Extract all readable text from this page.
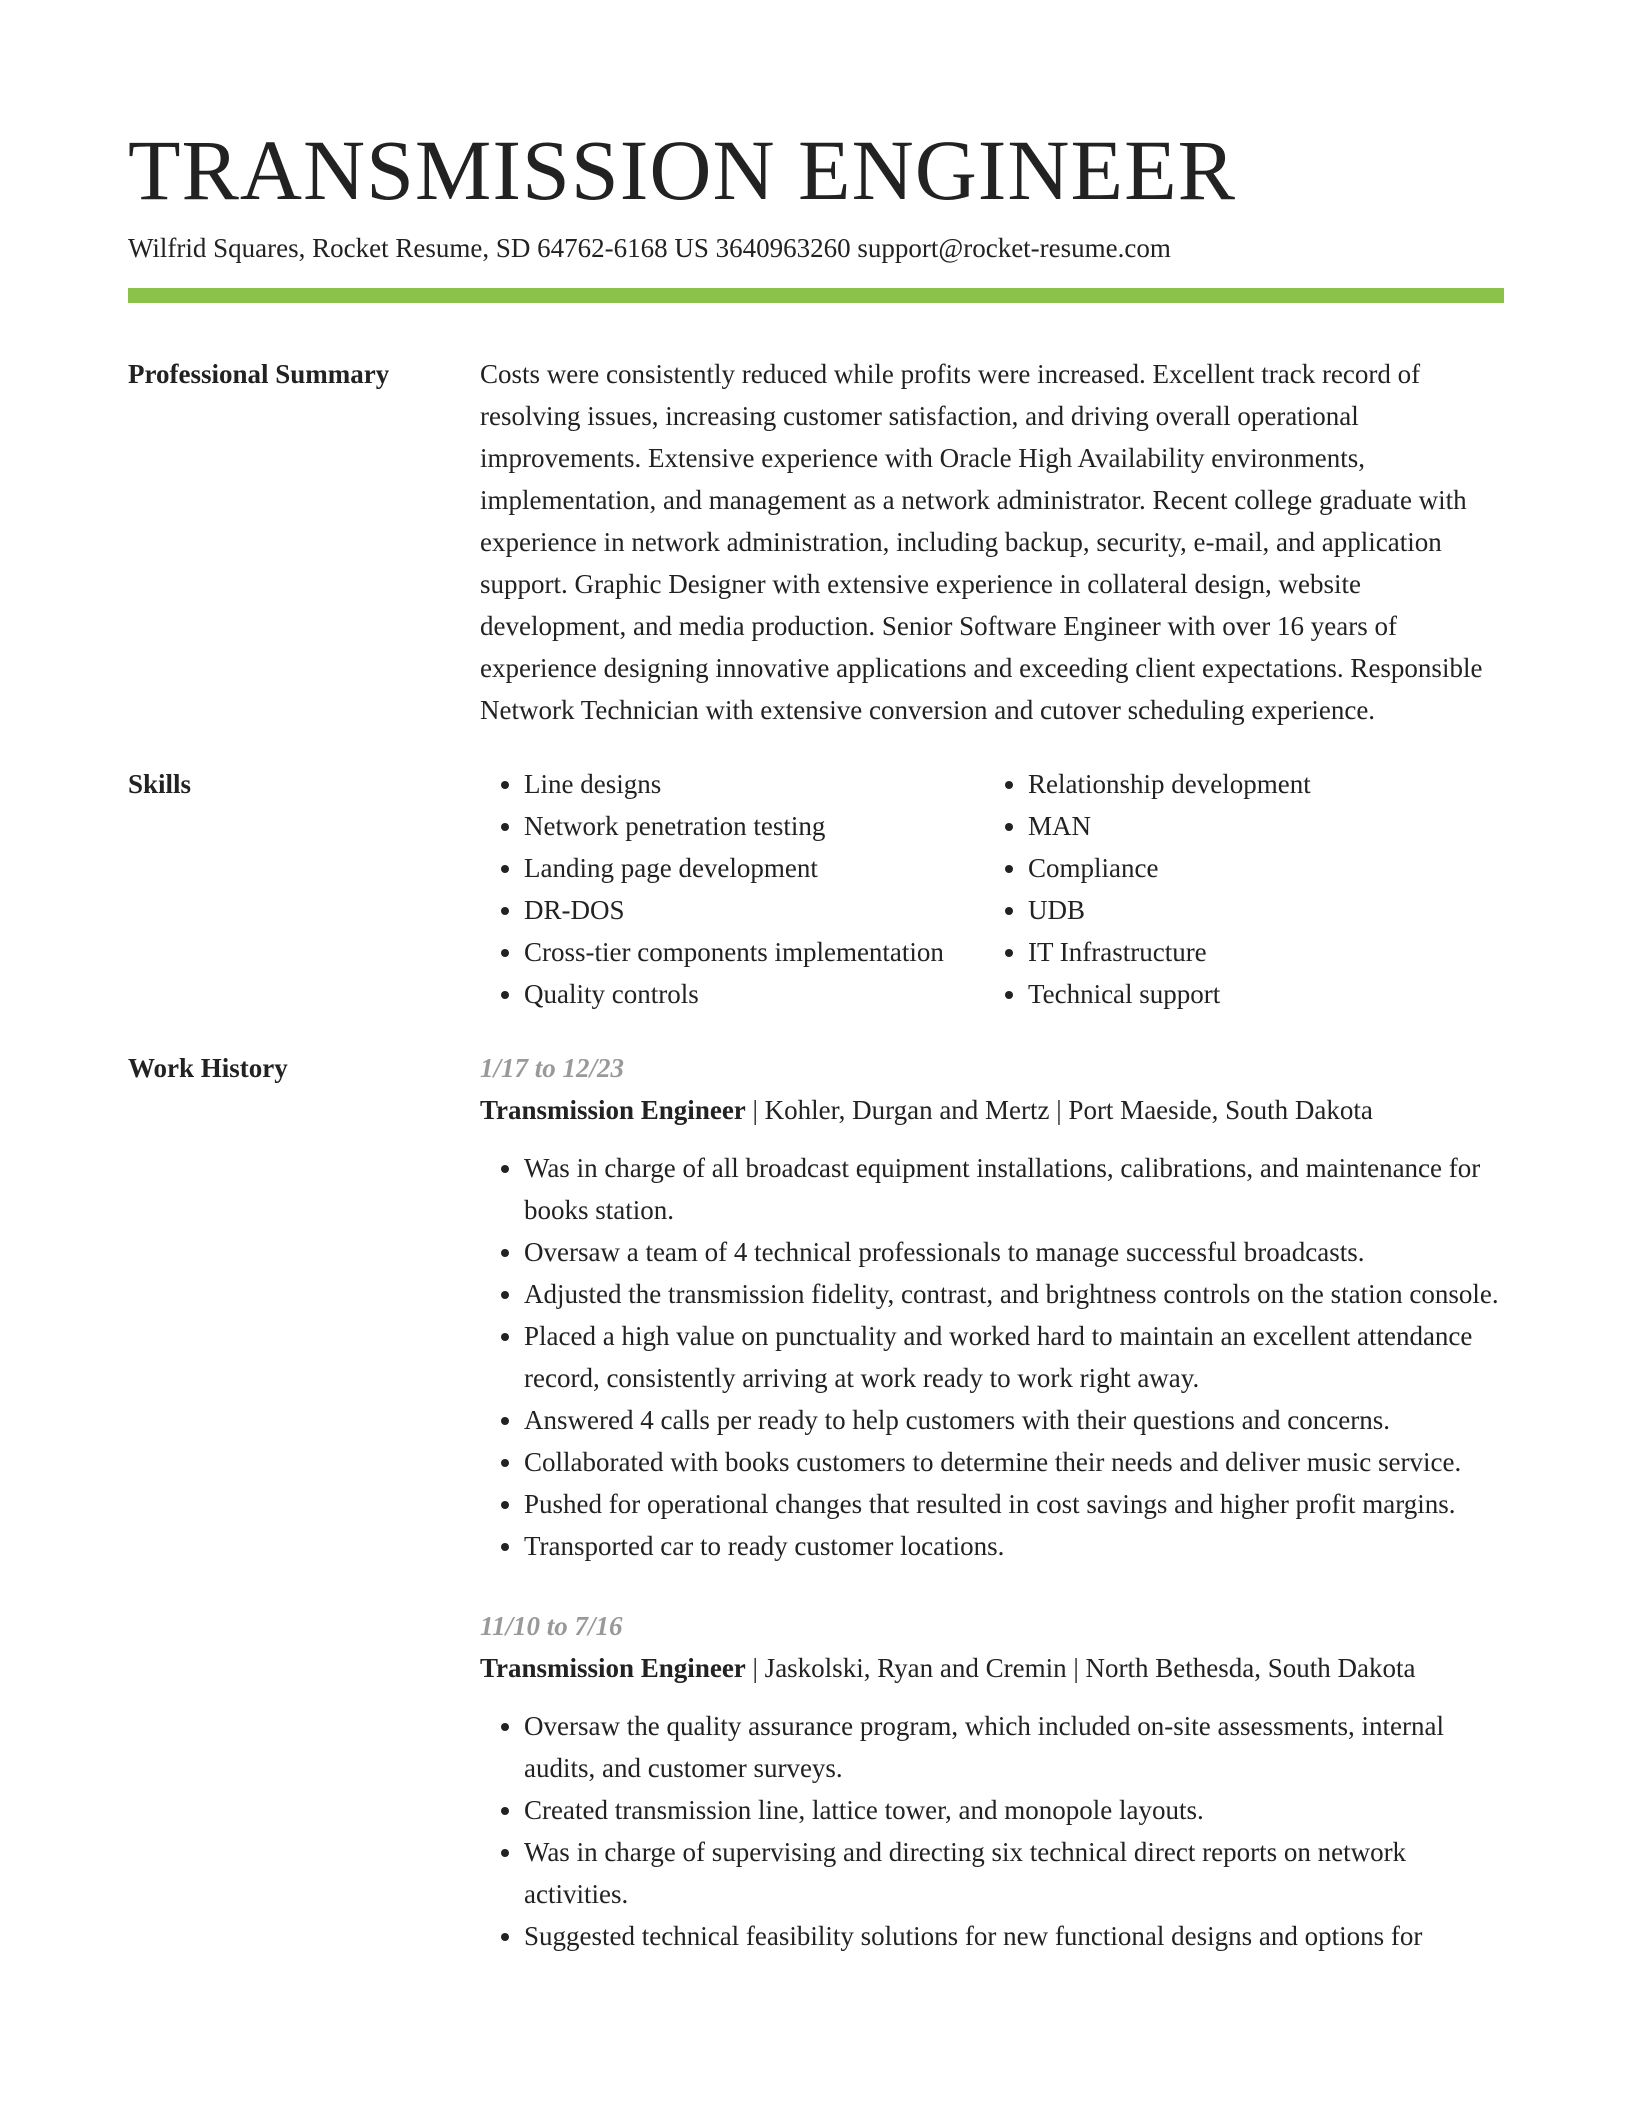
TRANSMISSION ENGINEER
Wilfrid Squares, Rocket Resume, SD 64762-6168 US 3640963260 support@rocket-resume.com
Professional Summary	Costs were consistently reduced while profits were increased. Excellent track record of resolving issues, increasing customer satisfaction, and driving overall operational improvements. Extensive experience with Oracle High Availability environments, implementation, and management as a network administrator. Recent college graduate with experience in network administration, including backup, security, e-mail, and application support. Graphic Designer with extensive experience in collateral design, website development, and media production. Senior Software Engineer with over 16 years of experience designing innovative applications and exceeding client expectations. Responsible Network Technician with extensive conversion and cutover scheduling experience.

Skills
•	Line designs
• Network penetration testing
• Landing page development
• DR-DOS
• Cross-tier components implementation
• Quality controls
• Relationship development
• MAN
• Compliance
• UDB
• IT Infrastructure
• Technical support
Work History	1/17 to 12/23
Transmission Engineer | Kohler, Durgan and Mertz | Port Maeside, South Dakota
• Was in charge of all broadcast equipment installations, calibrations, and maintenance for books station.
• Oversaw a team of 4 technical professionals to manage successful broadcasts.
• Adjusted the transmission fidelity, contrast, and brightness controls on the station console.
• Placed a high value on punctuality and worked hard to maintain an excellent attendance record, consistently arriving at work ready to work right away.
• Answered 4 calls per ready to help customers with their questions and concerns.
• Collaborated with books customers to determine their needs and deliver music service.
• Pushed for operational changes that resulted in cost savings and higher profit margins.
• Transported car to ready customer locations.
11/10 to 7/16
Transmission Engineer | Jaskolski, Ryan and Cremin | North Bethesda, South Dakota
• Oversaw the quality assurance program, which included on-site assessments, internal audits, and customer surveys.
• Created transmission line, lattice tower, and monopole layouts.
• Was in charge of supervising and directing six technical direct reports on network activities.
• Suggested technical feasibility solutions for new functional designs and options for
